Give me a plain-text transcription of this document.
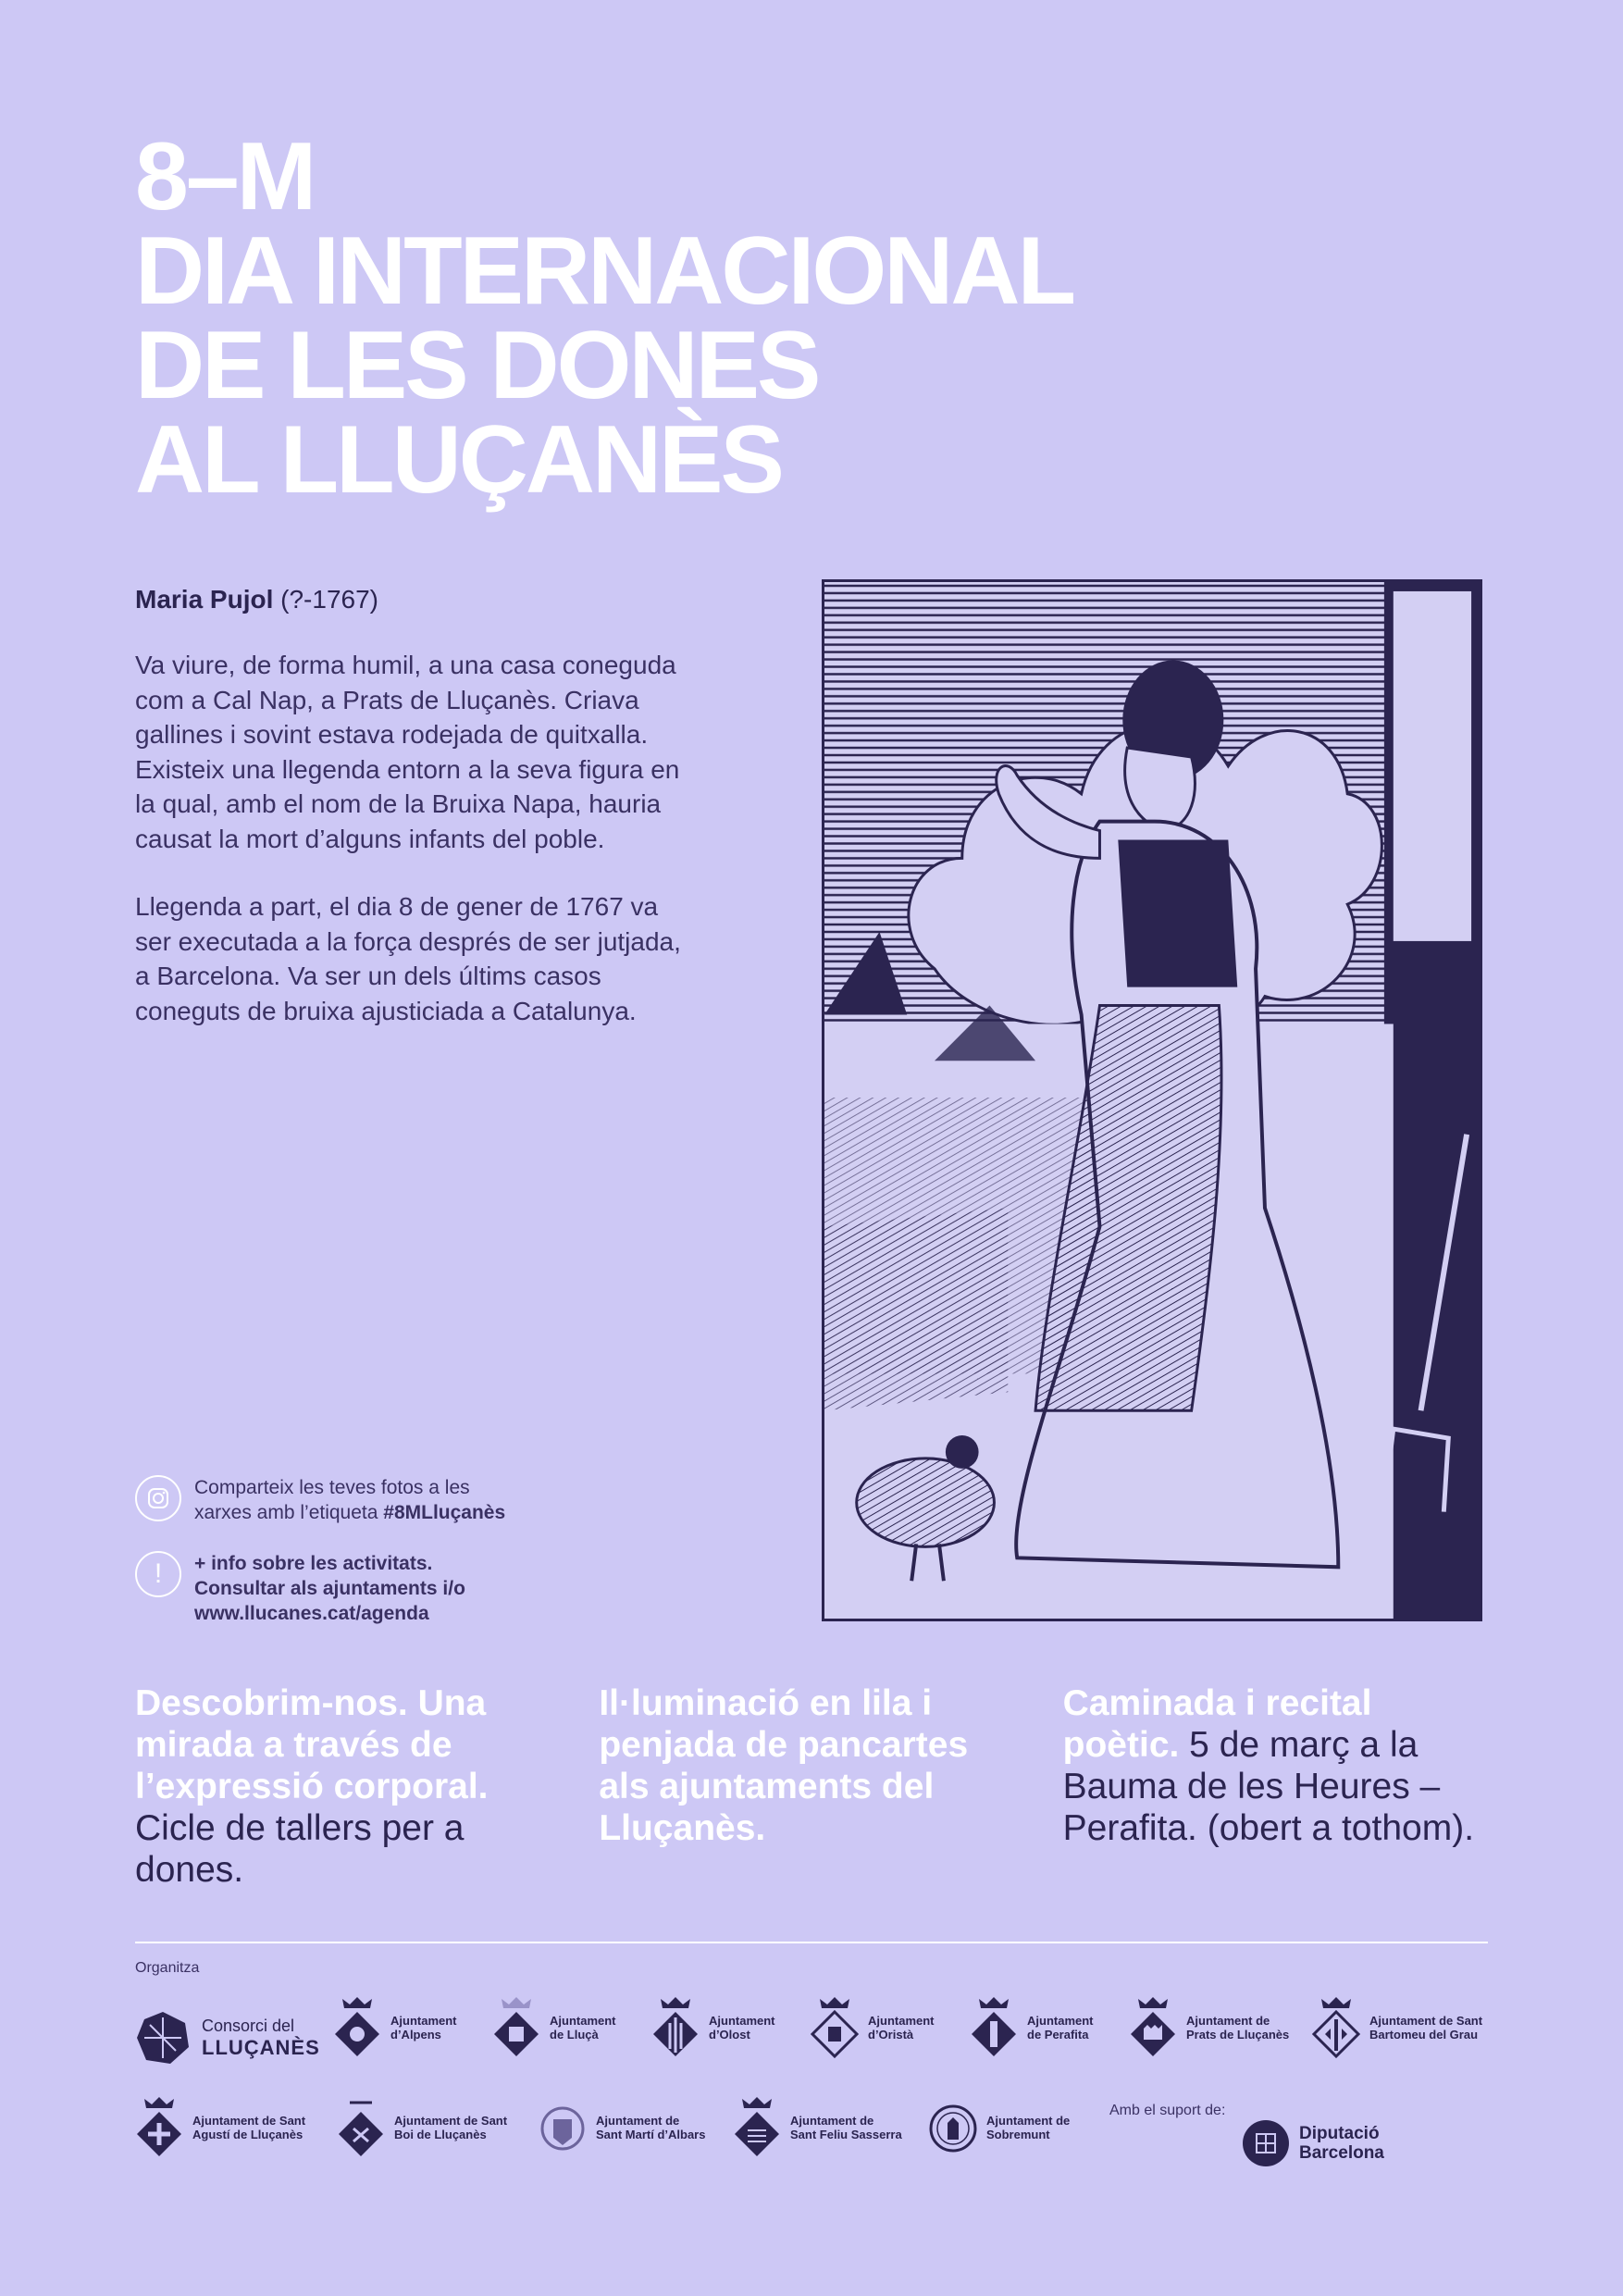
8–M
DIA INTERNACIONAL
DE LES DONES
AL LLUÇANÈS
Maria Pujol (?-1767)

Va viure, de forma humil, a una casa coneguda com a Cal Nap, a Prats de Lluçanès. Criava gallines i sovint estava rodejada de quitxalla. Existeix una llegenda entorn a la seva figura en la qual, amb el nom de la Bruixa Napa, hauria causat la mort d’alguns infants del poble.

Llegenda a part, el dia 8 de gener de 1767 va ser executada a la força després de ser jutjada, a Barcelona. Va ser un dels últims casos coneguts de bruixa ajusticiada a Catalunya.

Comparteix les teves fotos a les
xarxes amb l’etiqueta #8MLluçanès
!	+ info sobre les activitats.
Consultar als ajuntaments i/o
www.llucanes.cat/agenda
Descobrim-nos. Una mirada a través de l’expressió corporal. Cicle de tallers per a dones.
Il·luminació en lila i penjada de pancartes als ajuntaments del Lluçanès.
Caminada i recital poètic. 5 de març a la Bauma de les Heures – Perafita. (obert a tothom).
Organitza
Amb el suport de:
Consorci del
LLUÇANÈS
Ajuntament
d’Alpens
Ajuntament
de Lluçà
Ajuntament
d’Olost
Ajuntament
d’Oristà
Ajuntament
de Perafita
Ajuntament de
Prats de Lluçanès
Ajuntament de Sant
Bartomeu del Grau
Ajuntament de Sant
Agustí de Lluçanès
Ajuntament de Sant
Boi de Lluçanès
Ajuntament de
Sant Martí d’Albars
Ajuntament de
Sant Feliu Sasserra
Ajuntament de
Sobremunt	Diputació
Barcelona
